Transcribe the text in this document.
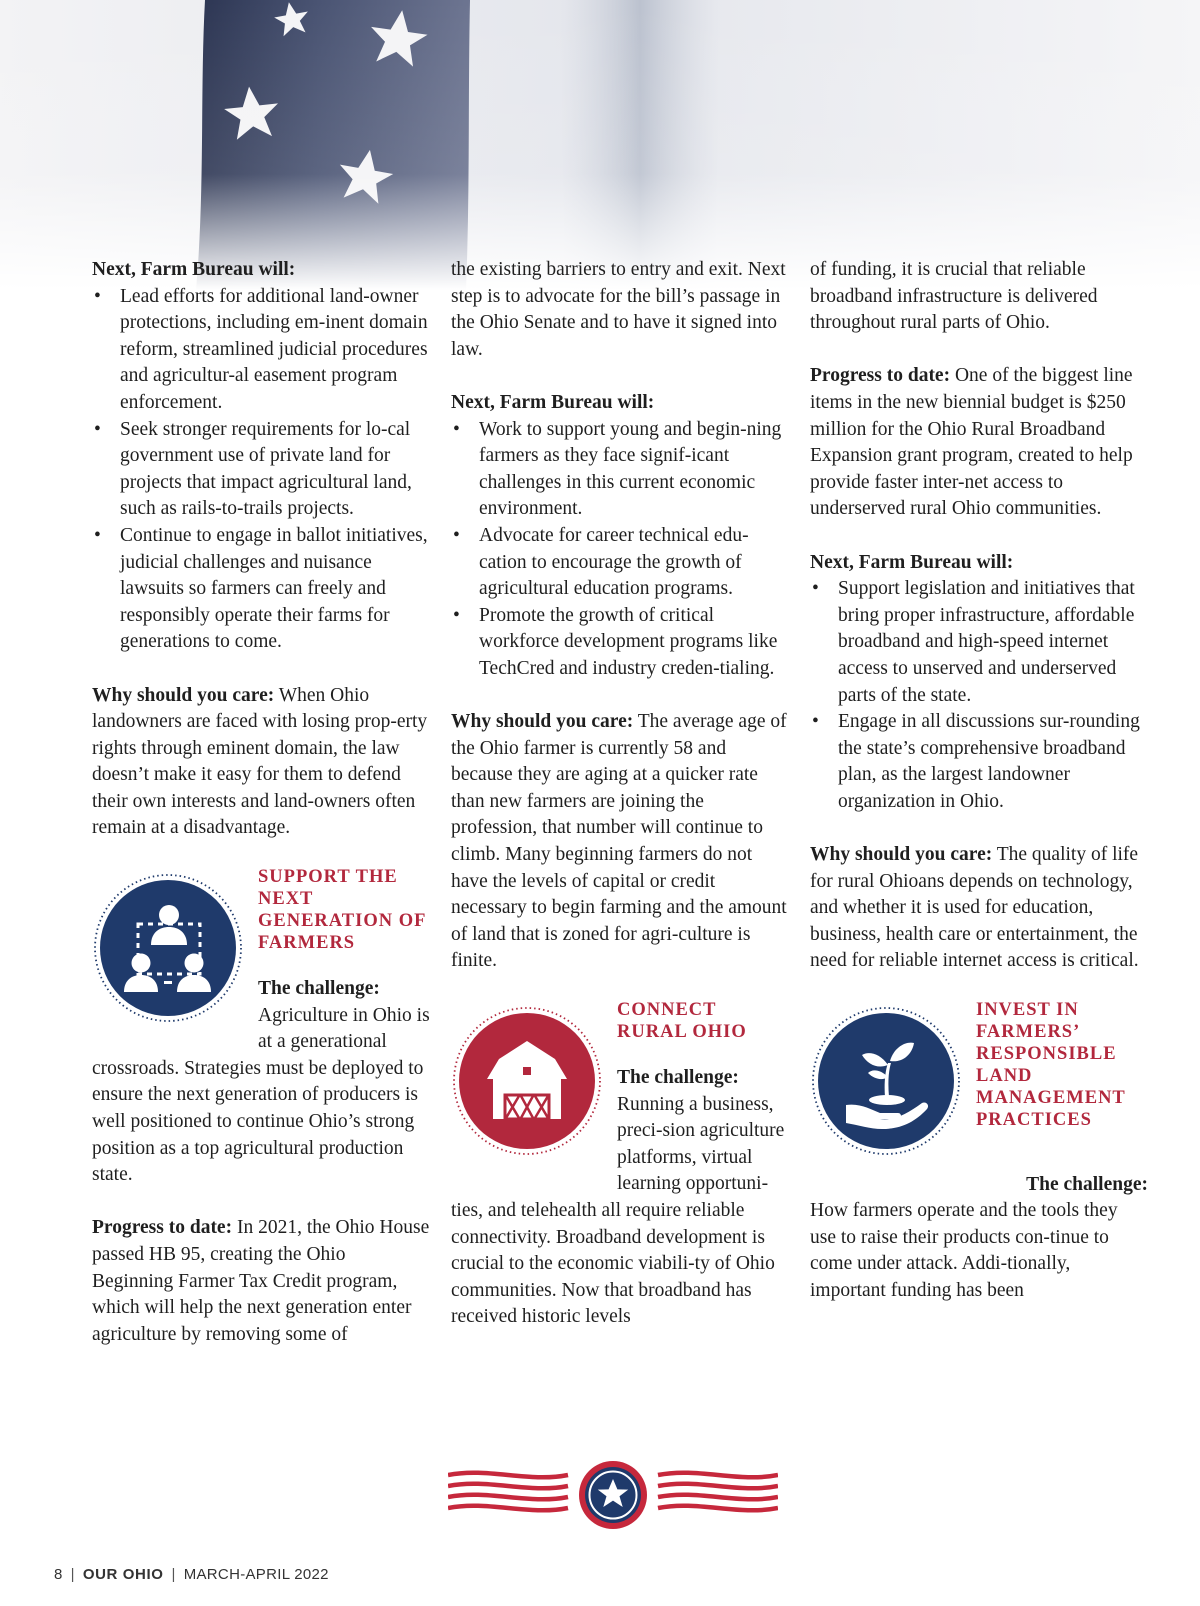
Next, Farm Bureau will:

• Lead efforts for additional land-owner protections, including em-inent domain reform, streamlined judicial procedures and agricultur-al easement program enforcement.
• Seek stronger requirements for lo-cal government use of private land for projects that impact agricultural land, such as rails-to-trails projects.
• Continue to engage in ballot initiatives, judicial challenges and nuisance lawsuits so farmers can freely and responsibly operate their farms for generations to come.

Why should you care: When Ohio landowners are faced with losing prop-erty rights through eminent domain, the law doesn’t make it easy for them to defend their own interests and land-owners often remain at a disadvantage.

SUPPORT THE NEXT GENERATION OF FARMERS

The challenge:

Agriculture in Ohio is at a generational crossroads. Strategies must be deployed to ensure the next generation of producers is well positioned to continue Ohio’s strong position as a top agricultural production state.

Progress to date: In 2021, the Ohio House passed HB 95, creating the Ohio Beginning Farmer Tax Credit program, which will help the next generation enter agriculture by removing some of

the existing barriers to entry and exit. Next step is to advocate for the bill’s passage in the Ohio Senate and to have it signed into law.

Next, Farm Bureau will:

• Work to support young and begin-ning farmers as they face signif-icant challenges in this current economic environment.
• Advocate for career technical edu-cation to encourage the growth of agricultural education programs.
• Promote the growth of critical workforce development programs like TechCred and industry creden-tialing.

Why should you care: The average age of the Ohio farmer is currently 58 and because they are aging at a quicker rate than new farmers are joining the profession, that number will continue to climb. Many beginning farmers do not have the levels of capital or credit necessary to begin farming and the amount of land that is zoned for agri-culture is finite.

CONNECT RURAL OHIO

The challenge:

Running a business, preci-sion agriculture platforms, virtual learning opportuni-ties, and telehealth all require reliable connectivity. Broadband development is crucial to the economic viabili-ty of Ohio communities. Now that broadband has received historic levels

of funding, it is crucial that reliable broadband infrastructure is delivered throughout rural parts of Ohio.

Progress to date: One of the biggest line items in the new biennial budget is $250 million for the Ohio Rural Broadband Expansion grant program, created to help provide faster inter-net access to underserved rural Ohio communities.

Next, Farm Bureau will:

• Support legislation and initiatives that bring proper infrastructure, affordable broadband and high-speed internet access to unserved and underserved parts of the state.
• Engage in all discussions sur-rounding the state’s comprehensive broadband plan, as the largest landowner organization in Ohio.

Why should you care: The quality of life for rural Ohioans depends on technology, and whether it is used for education, business, health care or entertainment, the need for reliable internet access is critical.

INVEST IN FARMERS’ RESPONSIBLE LAND MANAGEMENT PRACTICES

The challenge:

How farmers operate and the tools they use to raise their products con-tinue to come under attack. Addi-tionally, important funding has been

8 | OUR OHIO | MARCH-APRIL 2022
